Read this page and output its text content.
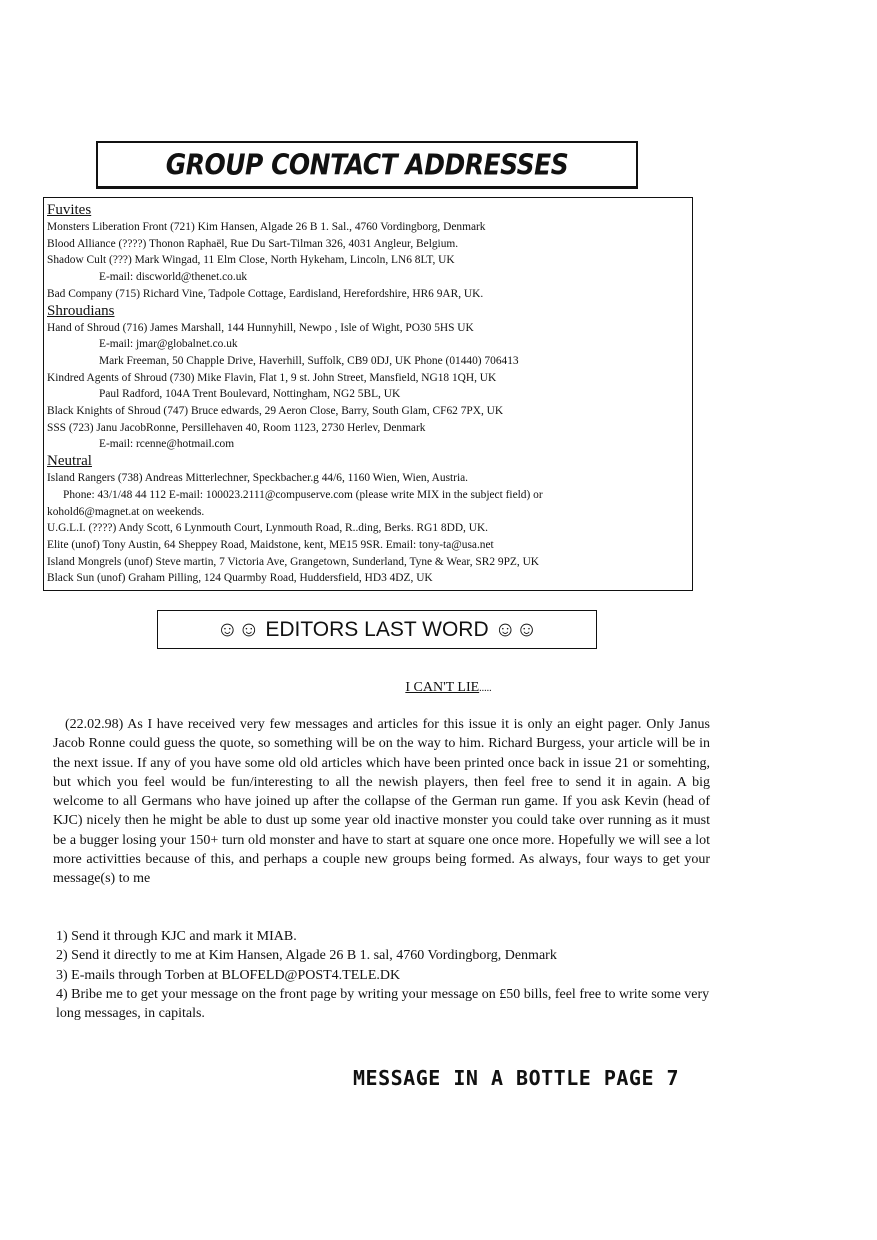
GROUP CONTACT ADDRESSES
Fuvites
Monsters Liberation Front (721) Kim Hansen, Algade 26 B 1. Sal., 4760 Vordingborg, Denmark
Blood Alliance (????) Thonon Raphaël, Rue Du Sart-Tilman 326, 4031 Angleur, Belgium.
Shadow Cult (???) Mark Wingad, 11 Elm Close, North Hykeham, Lincoln, LN6 8LT, UK
E-mail: discworld@thenet.co.uk
Bad Company (715) Richard Vine, Tadpole Cottage, Eardisland, Herefordshire, HR6 9AR, UK.
Shroudians
Hand of Shroud (716) James Marshall, 144 Hunnyhill, Newpo , Isle of Wight, PO30 5HS UK
E-mail: jmar@globalnet.co.uk
Mark Freeman, 50 Chapple Drive, Haverhill, Suffolk, CB9 0DJ, UK Phone (01440) 706413
Kindred Agents of Shroud (730) Mike Flavin, Flat 1, 9 st. John Street, Mansfield, NG18 1QH, UK
Paul Radford, 104A Trent Boulevard, Nottingham, NG2 5BL, UK
Black Knights of Shroud (747) Bruce edwards, 29 Aeron Close, Barry, South Glam, CF62 7PX, UK
SSS (723) Janu JacobRonne, Persillehaven 40, Room 1123, 2730 Herlev, Denmark
E-mail: rcenne@hotmail.com
Neutral
Island Rangers (738) Andreas Mitterlechner, Speckbacher.g 44/6, 1160 Wien, Wien, Austria.
Phone: 43/1/48 44 112 E-mail: 100023.2111@compuserve.com (please write MIX in the subject field) or
kohold6@magnet.at on weekends.
U.G.L.I. (????) Andy Scott, 6 Lynmouth Court, Lynmouth Road, R..ding, Berks. RG1 8DD, UK.
Elite (unof) Tony Austin, 64 Sheppey Road, Maidstone, kent, ME15 9SR. Email: tony-ta@usa.net
Island Mongrels (unof) Steve martin, 7 Victoria Ave, Grangetown, Sunderland, Tyne & Wear, SR2 9PZ, UK
Black Sun (unof) Graham Pilling, 124 Quarmby Road, Huddersfield, HD3 4DZ, UK
☺☺ EDITORS LAST WORD ☺☺
I CAN'T LIE.....
(22.02.98) As I have received very few messages and articles for this issue it is only an eight pager. Only Janus Jacob Ronne could guess the quote, so something will be on the way to him. Richard Burgess, your article will be in the next issue. If any of you have some old old articles which have been printed once back in issue 21 or somehting, but which you feel would be fun/interesting to all the newish players, then feel free to send it in again. A big welcome to all Germans who have joined up after the collapse of the German run game. If you ask Kevin (head of KJC) nicely then he might be able to dust up some year old inactive monster you could take over running as it must be a bugger losing your 150+ turn old monster and have to start at square one once more. Hopefully we will see a lot more activitties because of this, and perhaps a couple new groups being formed. As always, four ways to get your message(s) to me
1) Send it through KJC and mark it MIAB.
2) Send it directly to me at Kim Hansen, Algade 26 B 1. sal, 4760 Vordingborg, Denmark
3) E-mails through Torben at BLOFELD@POST4.TELE.DK
4) Bribe me to get your message on the front page by writing your message on £50 bills, feel free to write some very long messages, in capitals.
MESSAGE IN A BOTTLE PAGE 7
